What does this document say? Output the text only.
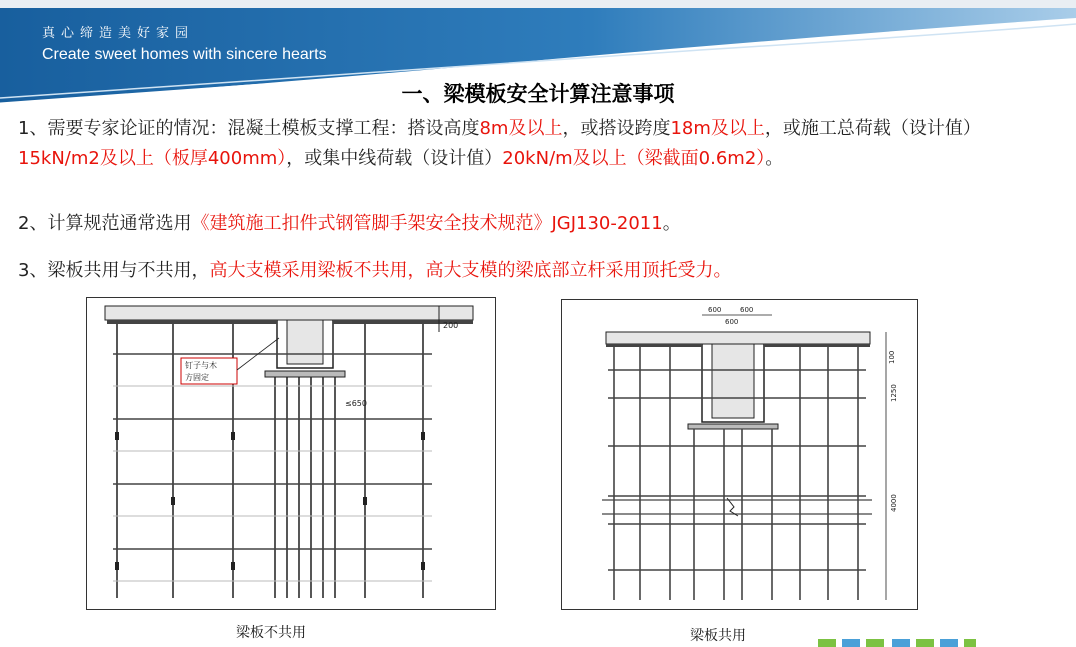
真心缔造美好家园
Create sweet homes with sincere hearts
一、梁模板安全计算注意事项
1、需要专家论证的情况：混凝土模板支撑工程：搭设高度8m及以上，或搭设跨度18m及以上，或施工总荷载（设计值）15kN/m2及以上（板厚400mm），或集中线荷载（设计值）20kN/m及以上（梁截面0.6m2）。
2、计算规范通常选用《建筑施工扣件式钢管脚手架安全技术规范》JGJ130-2011。
3、梁板共用与不共用，高大支模采用梁板不共用，高大支模的梁底部立杆采用顶托受力。
200
≤650
钉子与木
方固定
梁板不共用
600	600
600
100
1250
4000
梁板共用
